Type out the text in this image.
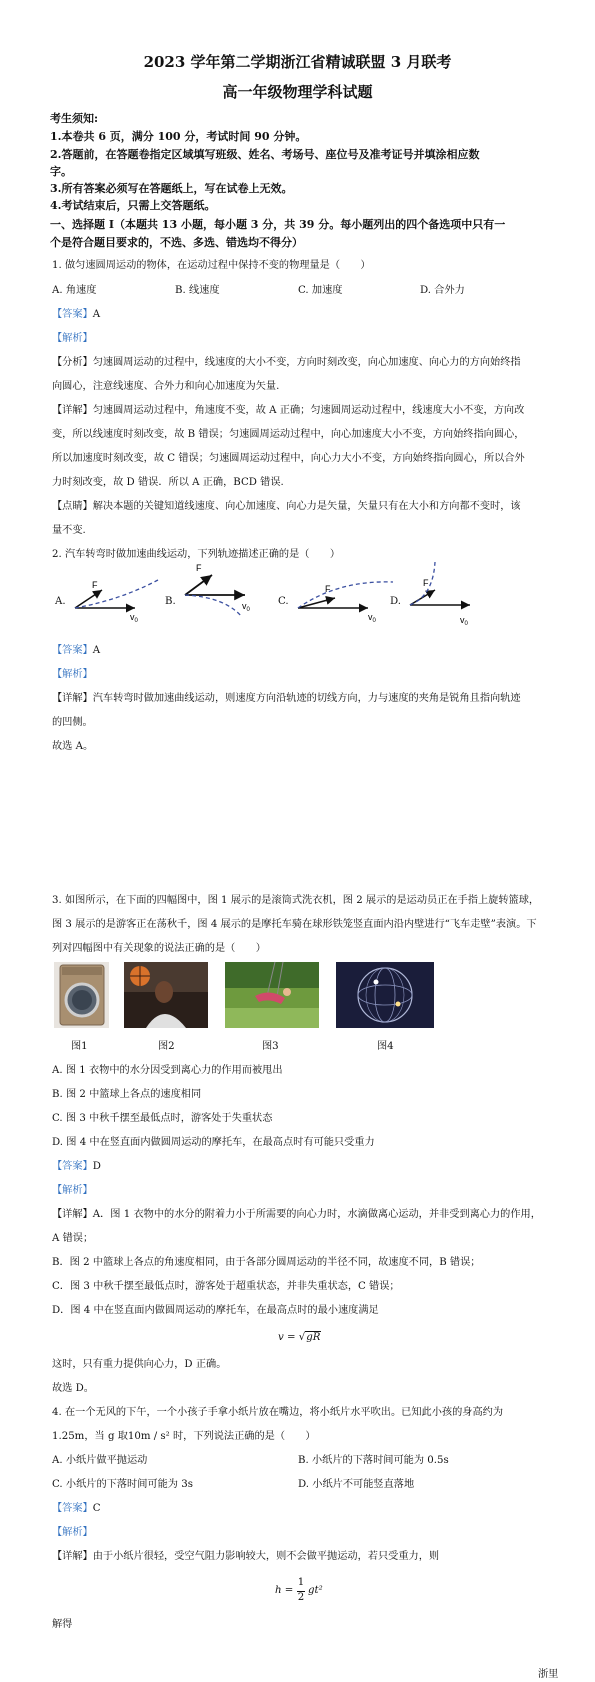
2023 学年第二学期浙江省精诚联盟 3 月联考
高一年级物理学科试题
考生须知:
1.本卷共 6 页，满分 100 分，考试时间 90 分钟。
2.答题前，在答题卷指定区域填写班级、姓名、考场号、座位号及准考证号并填涂相应数
字。
3.所有答案必须写在答题纸上，写在试卷上无效。
4.考试结束后，只需上交答题纸。
一、选择题 I（本题共 13 小题，每小题 3 分，共 39 分。每小题列出的四个备选项中只有一
个是符合题目要求的，不选、多选、错选均不得分）
1. 做匀速圆周运动的物体，在运动过程中保持不变的物理量是（　　）
A. 角速度	B. 线速度	C. 加速度	D. 合外力
【答案】A
【解析】
【分析】匀速圆周运动的过程中，线速度的大小不变，方向时刻改变，向心加速度、向心力的方向始终指
向圆心，注意线速度、合外力和向心加速度为矢量.
【详解】匀速圆周运动过程中，角速度不变，故 A 正确；匀速圆周运动过程中，线速度大小不变，方向改
变，所以线速度时刻改变，故 B 错误；匀速圆周运动过程中，向心加速度大小不变，方向始终指向圆心，
所以加速度时刻改变，故 C 错误；匀速圆周运动过程中，向心力大小不变，方向始终指向圆心，所以合外
力时刻改变，故 D 错误．所以 A 正确，BCD 错误.
【点睛】解决本题的关键知道线速度、向心加速度、向心力是矢量，矢量只有在大小和方向都不变时，该
量不变.
2. 汽车转弯时做加速曲线运动，下列轨迹描述正确的是（　　）
A.
F
$v_0$
B.
F
$v_0$
C.
F
$v_0$
D.
F
$v_0$
【答案】A
【解析】
【详解】汽车转弯时做加速曲线运动，则速度方向沿轨迹的切线方向，力与速度的夹角是锐角且指向轨迹
的凹侧。
故选 A。
3. 如图所示，在下面的四幅图中，图 1 展示的是滚筒式洗衣机，图 2 展示的是运动员正在手指上旋转篮球，
图 3 展示的是游客正在荡秋千，图 4 展示的是摩托车骑在球形铁笼竖直面内沿内壁进行“飞车走壁”表演。下
列对四幅图中有关现象的说法正确的是（　　）
图1	图2	图3	图4
A. 图 1 衣物中的水分因受到离心力的作用而被甩出
B. 图 2 中篮球上各点的速度相同
C. 图 3 中秋千摆至最低点时，游客处于失重状态
D. 图 4 中在竖直面内做圆周运动的摩托车，在最高点时有可能只受重力
【答案】D
【解析】
【详解】A．图 1 衣物中的水分的附着力小于所需要的向心力时，水滴做离心运动，并非受到离心力的作用，
A 错误；
B．图 2 中篮球上各点的角速度相同，由于各部分圆周运动的半径不同，故速度不同，B 错误；
C．图 3 中秋千摆至最低点时，游客处于超重状态，并非失重状态，C 错误；
D．图 4 中在竖直面内做圆周运动的摩托车，在最高点时的最小速度满足
v = √gR
这时，只有重力提供向心力，D 正确。
故选 D。
4. 在一个无风的下午，一个小孩子手拿小纸片放在嘴边，将小纸片水平吹出。已知此小孩的身高约为
1.25m，当 g 取10m / s² 时，下列说法正确的是（　　）
A. 小纸片做平抛运动	B. 小纸片的下落时间可能为 0.5s
C. 小纸片的下落时间可能为 3s	D. 小纸片不可能竖直落地
【答案】C
【解析】
【详解】由于小纸片很轻，受空气阻力影响较大，则不会做平抛运动，若只受重力，则
h =
1
2
gt²
解得
浙里
